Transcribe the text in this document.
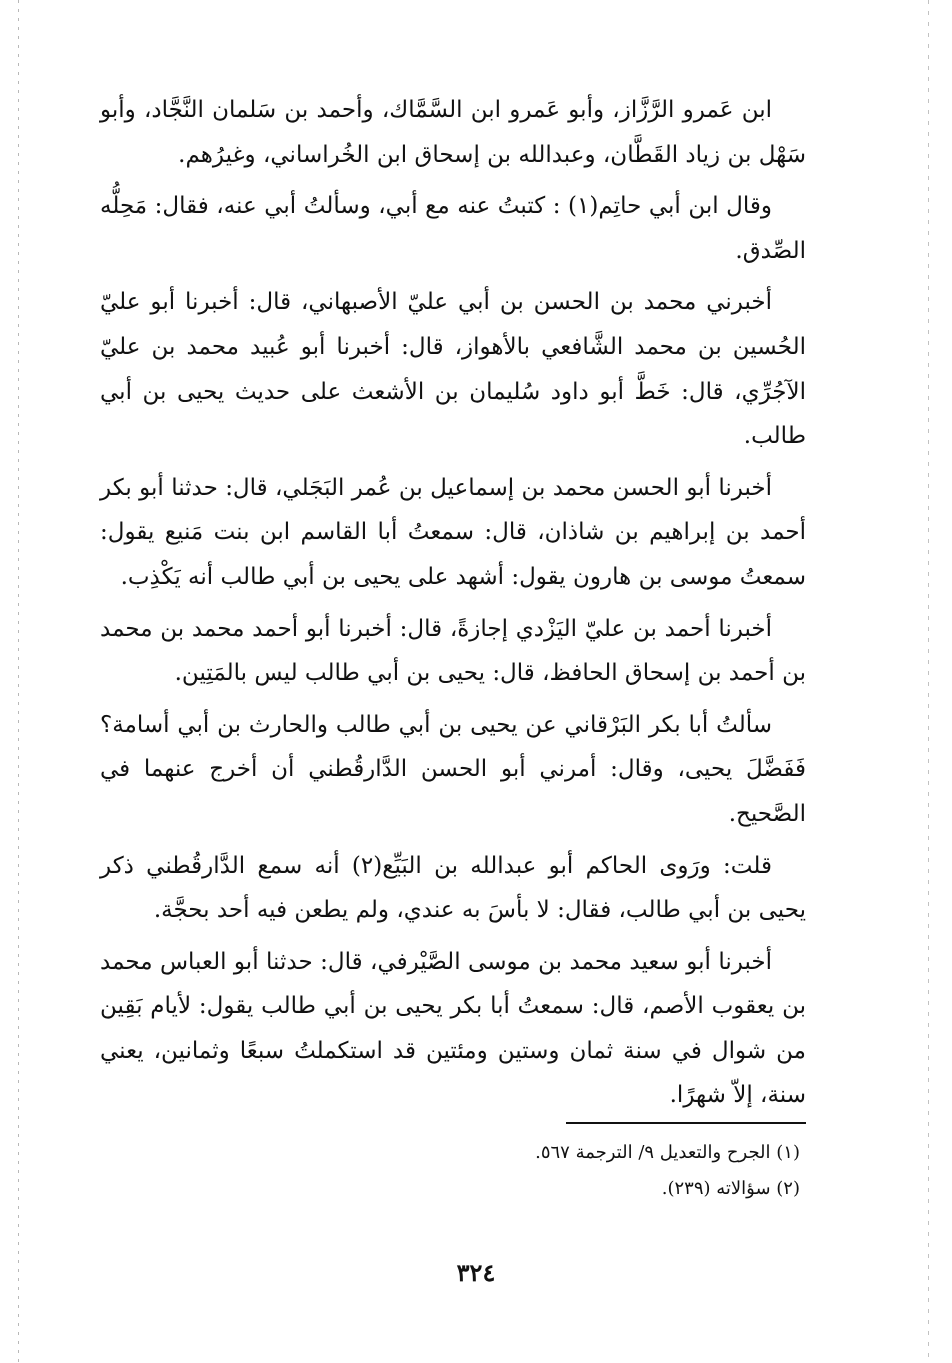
ابن عَمرو الرَّزَّاز، وأبو عَمرو ابن السَّمَّاك، وأحمد بن سَلمان النَّجَّاد، وأبو سَهْل بن زياد القَطَّان، وعبدالله بن إسحاق ابن الخُراساني، وغيرُهم.

وقال ابن أبي حاتِم(١) : كتبتُ عنه مع أبي، وسألتُ أبي عنه، فقال: مَحِلُّه الصِّدق.

أخبرني محمد بن الحسن بن أبي عليّ الأصبهاني، قال: أخبرنا أبو عليّ الحُسين بن محمد الشَّافعي بالأهواز، قال: أخبرنا أبو عُبيد محمد بن عليّ الآجُرِّي، قال: خَطَّ أبو داود سُليمان بن الأشعث على حديث يحيى بن أبي طالب.

أخبرنا أبو الحسن محمد بن إسماعيل بن عُمر البَجَلي، قال: حدثنا أبو بكر أحمد بن إبراهيم بن شاذان، قال: سمعتُ أبا القاسم ابن بنت مَنيع يقول: سمعتُ موسى بن هارون يقول: أشهد على يحيى بن أبي طالب أنه يَكْذِب.

أخبرنا أحمد بن عليّ اليَزْدي إجازةً، قال: أخبرنا أبو أحمد محمد بن محمد بن أحمد بن إسحاق الحافظ، قال: يحيى بن أبي طالب ليس بالمَتِين.

سألتُ أبا بكر البَرْقاني عن يحيى بن أبي طالب والحارث بن أبي أسامة؟ فَفَضَّلَ يحيى، وقال: أمرني أبو الحسن الدَّارقُطني أن أخرج عنهما في الصَّحيح.

قلت: ورَوى الحاكم أبو عبدالله بن البَيِّع(٢) أنه سمع الدَّارقُطني ذكر يحيى بن أبي طالب، فقال: لا بأسَ به عندي، ولم يطعن فيه أحد بحجَّة.

أخبرنا أبو سعيد محمد بن موسى الصَّيْرفي، قال: حدثنا أبو العباس محمد بن يعقوب الأصم، قال: سمعتُ أبا بكر يحيى بن أبي طالب يقول: لأيام بَقِين من شوال في سنة ثمان وستين ومئتين قد استكملتُ سبعًا وثمانين، يعني سنة، إلاّ شهرًا.

(١) الجرح والتعديل ٩/ الترجمة ٥٦٧.

(٢) سؤالاته (٢٣٩).

٣٢٤
